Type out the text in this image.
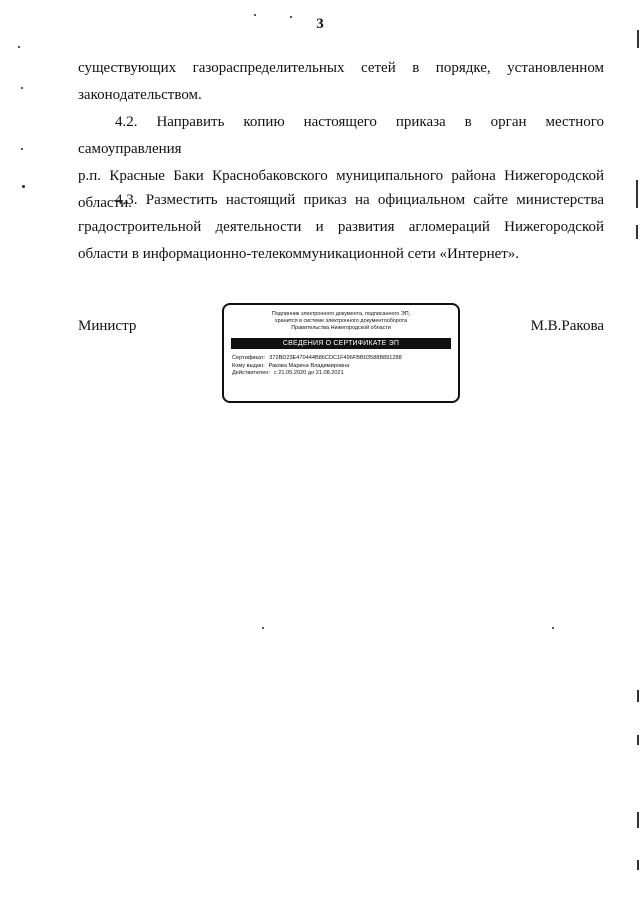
3
существующих газораспределительных сетей в порядке, установленном
законодательством.
4.2. Направить копию настоящего приказа в орган местного самоуправления
р.п. Красные Баки Краснобаковского муниципального района Нижегородской
области.
4.3. Разместить настоящий приказ на официальном сайте министерства
градостроительной деятельности и развития агломераций Нижегородской
области в информационно-телекоммуникационной сети «Интернет».
Министр	М.В.Ракова
Подлинник электронного документа, подписанного ЭП,
хранится в системе электронного документооборота
Правительства Нижегородской области
СВЕДЕНИЯ О СЕРТИФИКАТЕ ЭП
Сертификат: 372BD23E470444B86CDC1F496FBB03588B891288
Кому выдан: Ракова Марина Владимировна
Действителен: с 21.05.2020 до 21.08.2021
